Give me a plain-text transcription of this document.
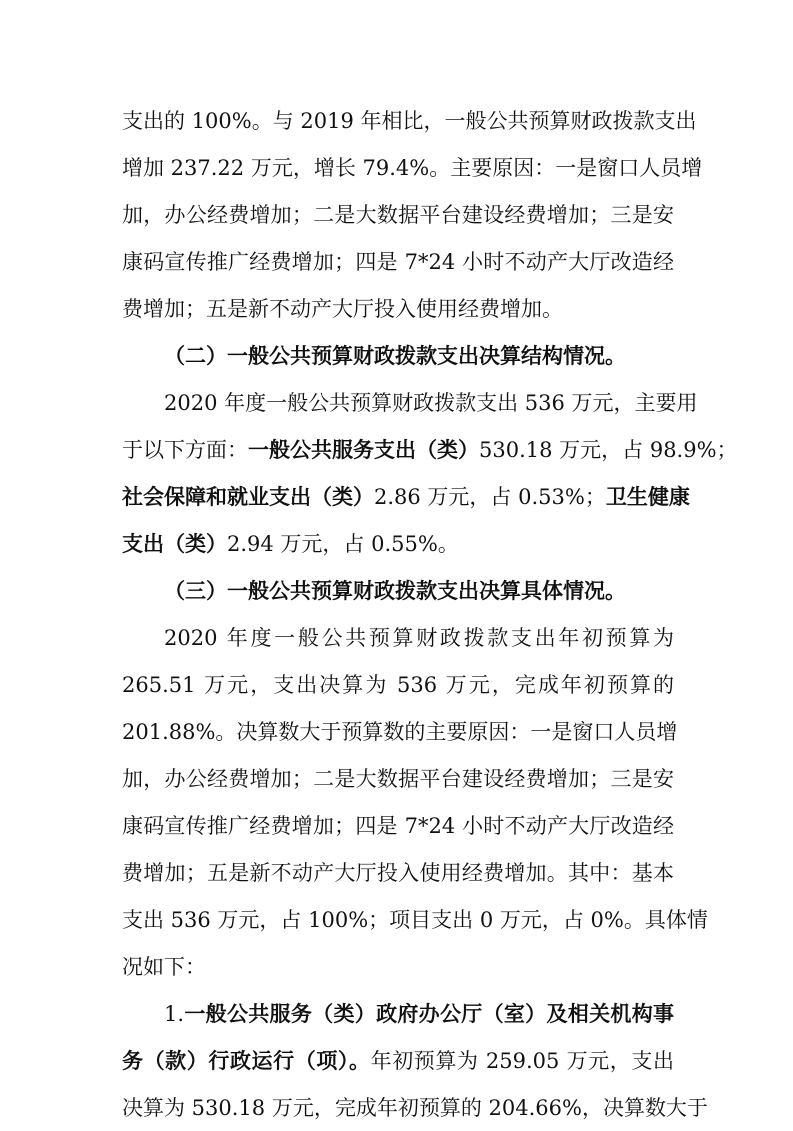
支出的 100%。与 2019 年相比，一般公共预算财政拨款支出
增加 237.22 万元，增长 79.4%。主要原因：一是窗口人员增
加，办公经费增加；二是大数据平台建设经费增加；三是安
康码宣传推广经费增加；四是 7*24 小时不动产大厅改造经
费增加；五是新不动产大厅投入使用经费增加。
（二）一般公共预算财政拨款支出决算结构情况。
2020 年度一般公共预算财政拨款支出 536 万元，主要用
于以下方面：一般公共服务支出（类）530.18 万元，占 98.9%；
社会保障和就业支出（类）2.86 万元，占 0.53%；卫生健康
支出（类）2.94 万元，占 0.55%。
（三）一般公共预算财政拨款支出决算具体情况。
2020 年度一般公共预算财政拨款支出年初预算为
265.51 万元，支出决算为 536 万元，完成年初预算的
201.88%。决算数大于预算数的主要原因：一是窗口人员增
加，办公经费增加；二是大数据平台建设经费增加；三是安
康码宣传推广经费增加；四是 7*24 小时不动产大厅改造经
费增加；五是新不动产大厅投入使用经费增加。其中：基本
支出 536 万元，占 100%；项目支出 0 万元，占 0%。具体情
况如下：
1.一般公共服务（类）政府办公厅（室）及相关机构事
务（款）行政运行（项）。年初预算为 259.05 万元，支出
决算为 530.18 万元，完成年初预算的 204.66%，决算数大于
